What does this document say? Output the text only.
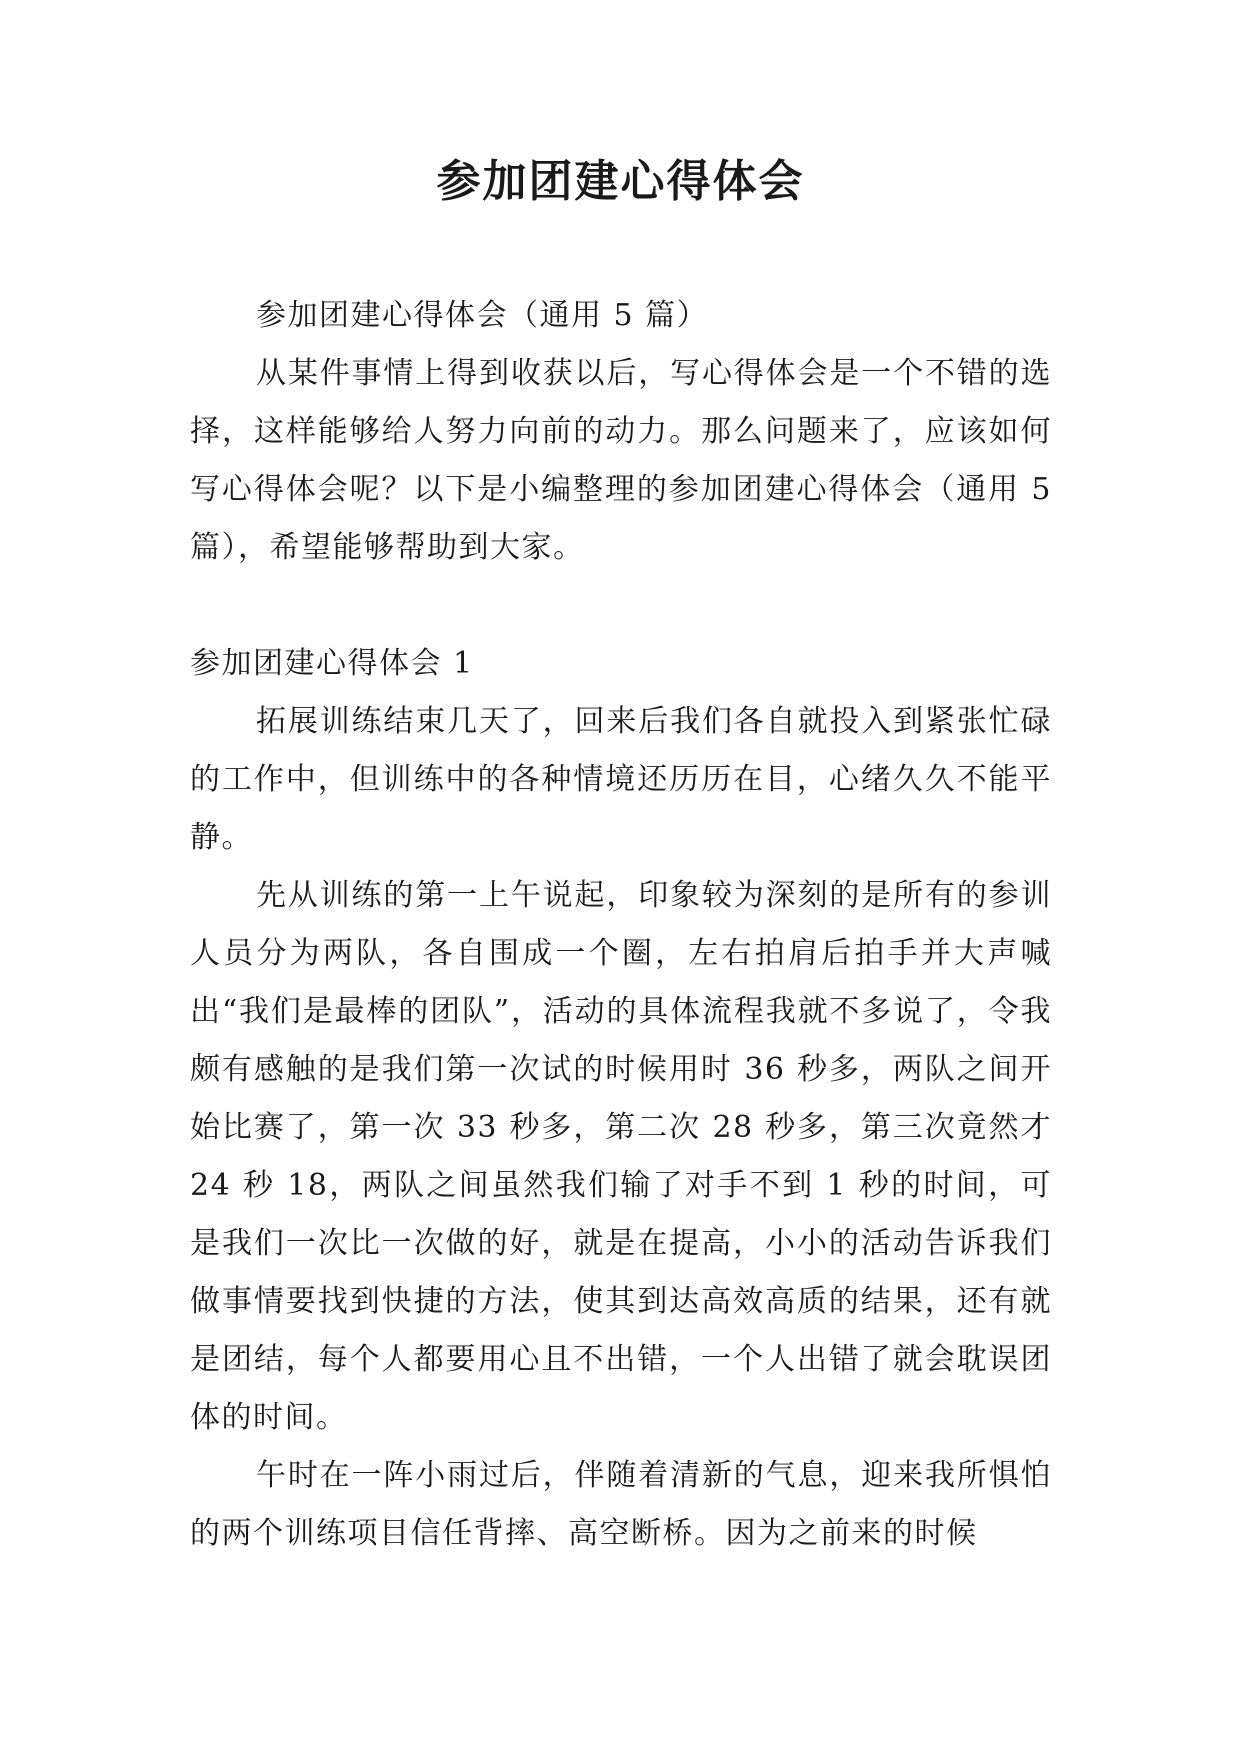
参加团建心得体会

参加团建心得体会（通用 5 篇）

从某件事情上得到收获以后，写心得体会是一个不错的选择，这样能够给人努力向前的动力。那么问题来了，应该如何写心得体会呢？以下是小编整理的参加团建心得体会（通用 5 篇），希望能够帮助到大家。

参加团建心得体会 1

拓展训练结束几天了，回来后我们各自就投入到紧张忙碌的工作中，但训练中的各种情境还历历在目，心绪久久不能平静。

先从训练的第一上午说起，印象较为深刻的是所有的参训人员分为两队，各自围成一个圈，左右拍肩后拍手并大声喊出“我们是最棒的团队”，活动的具体流程我就不多说了，令我颇有感触的是我们第一次试的时候用时 36 秒多，两队之间开始比赛了，第一次 33 秒多，第二次 28 秒多，第三次竟然才 24 秒 18，两队之间虽然我们输了对手不到 1 秒的时间，可是我们一次比一次做的好，就是在提高，小小的活动告诉我们做事情要找到快捷的方法，使其到达高效高质的结果，还有就是团结，每个人都要用心且不出错，一个人出错了就会耽误团体的时间。

午时在一阵小雨过后，伴随着清新的气息，迎来我所惧怕的两个训练项目信任背摔、高空断桥。因为之前来的时候
